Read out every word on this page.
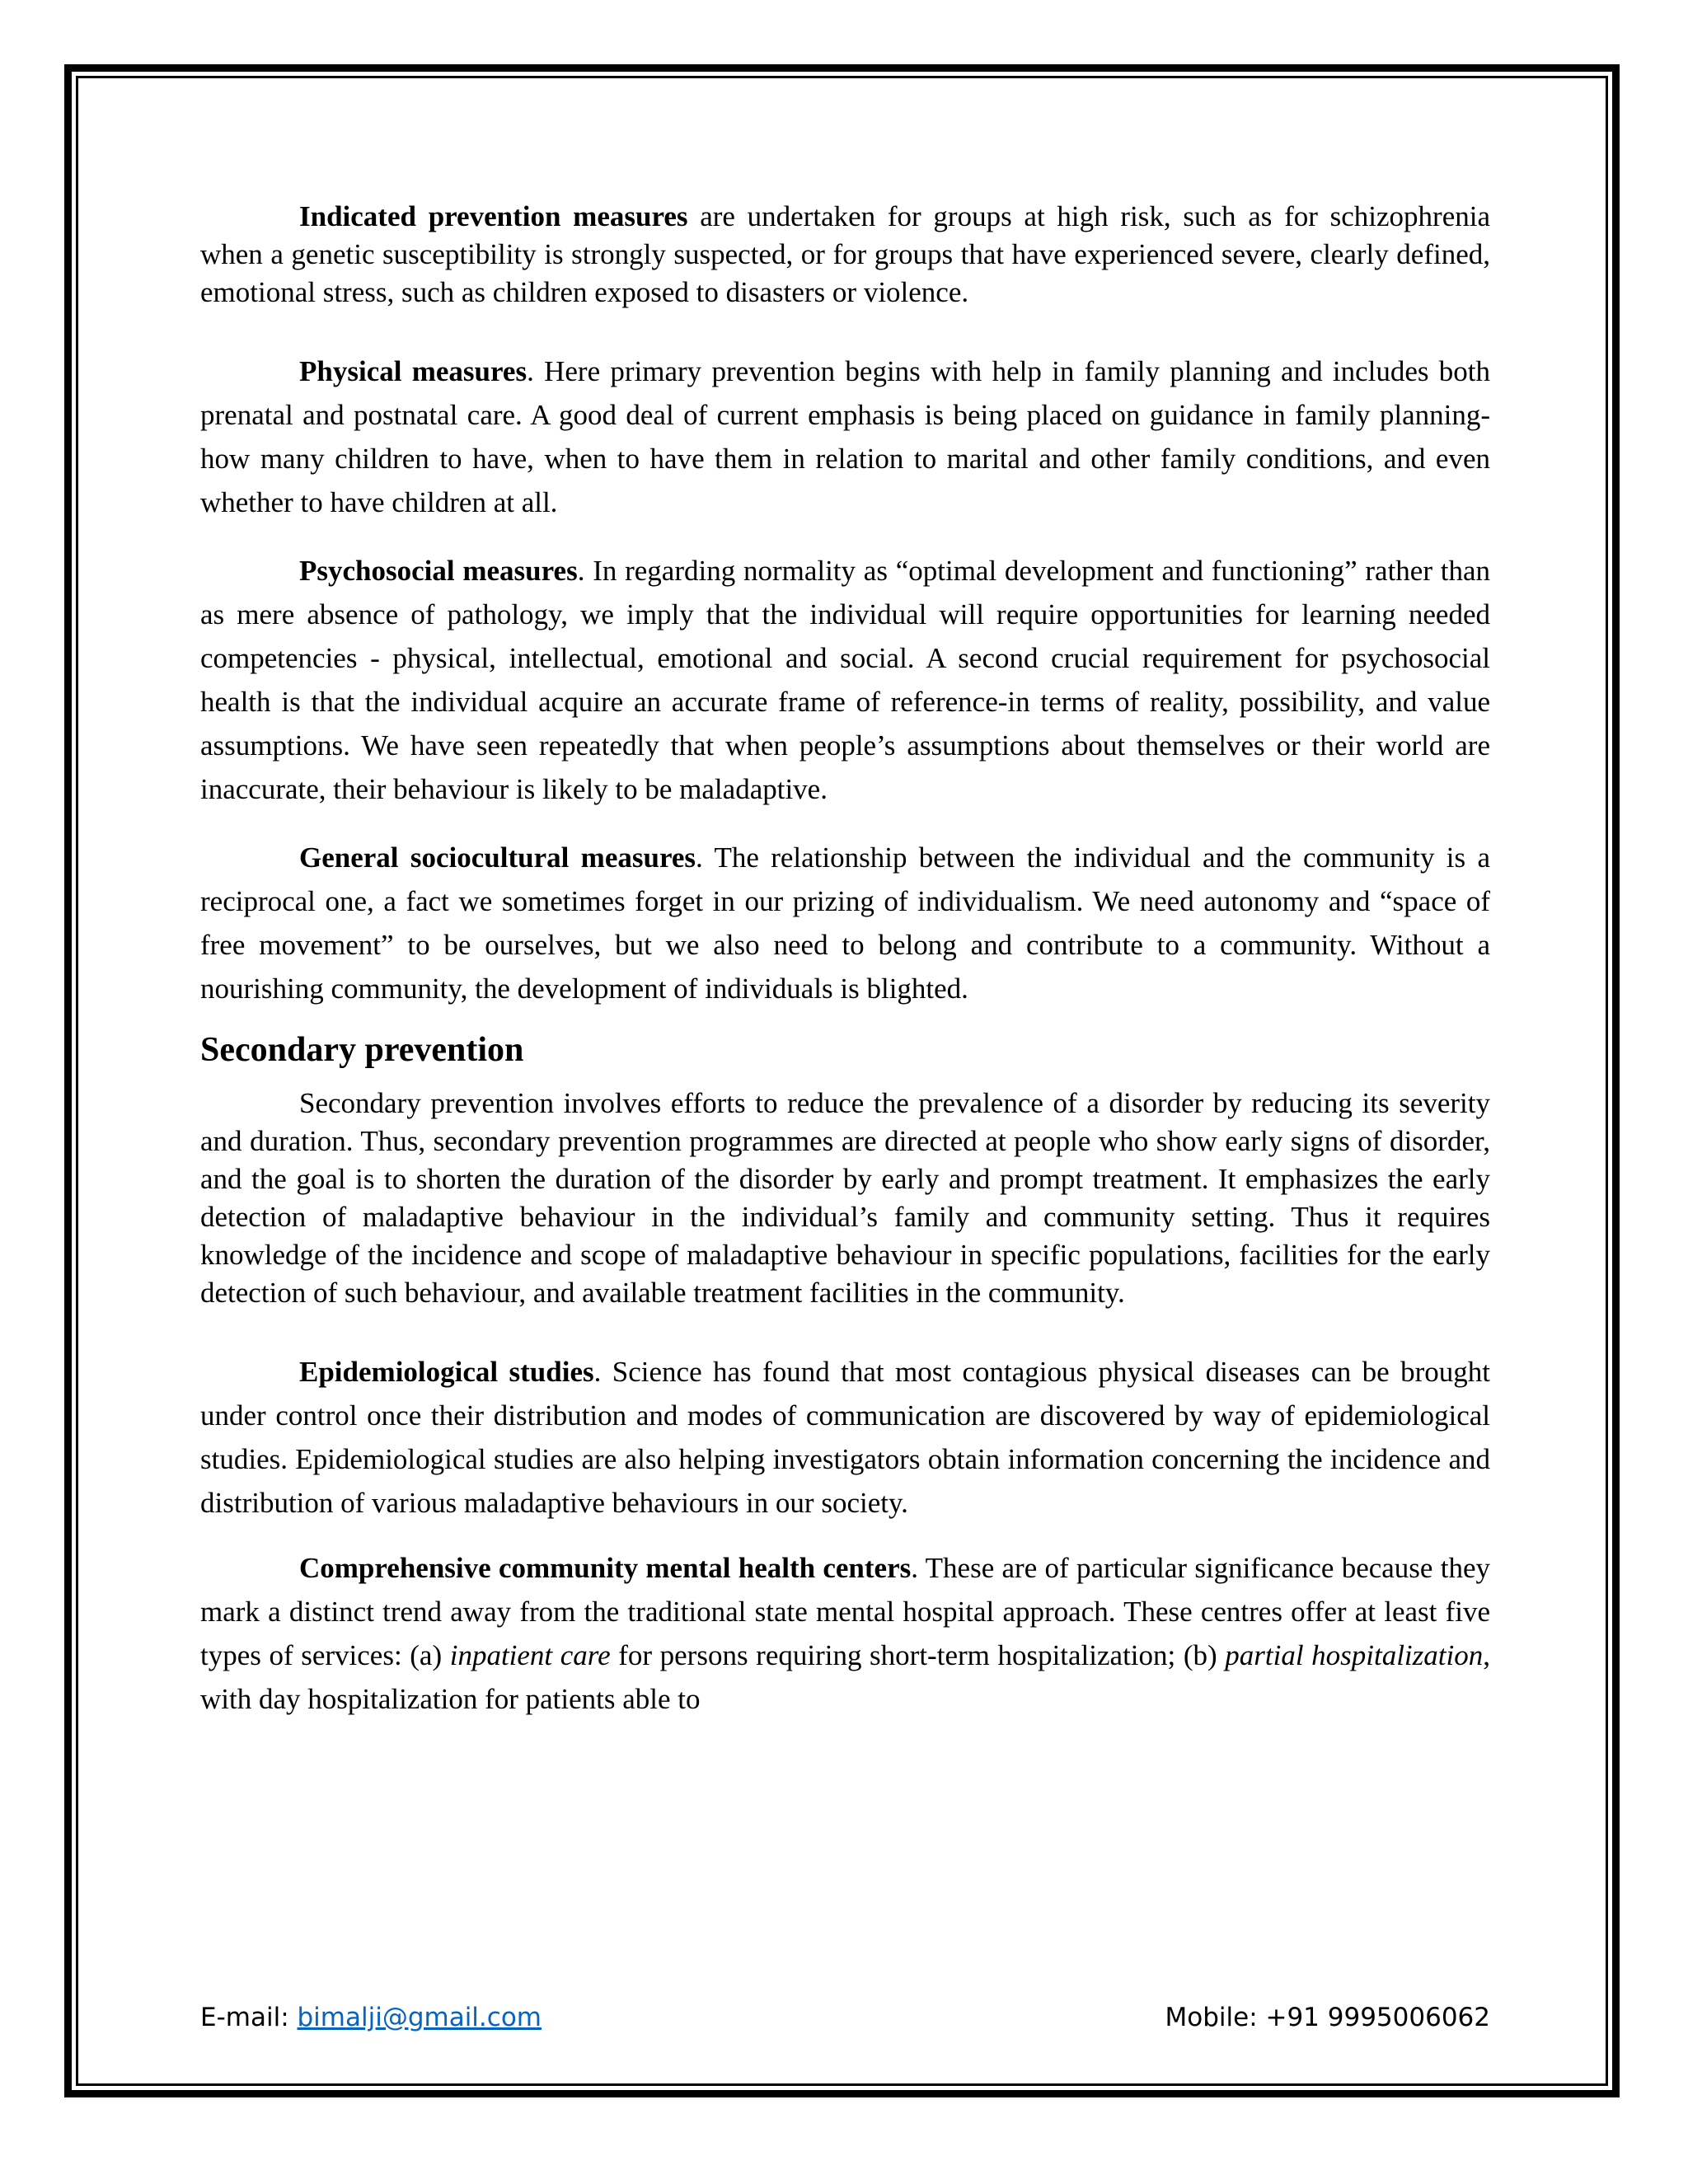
Indicated prevention measures are undertaken for groups at high risk, such as for schizophrenia when a genetic susceptibility is strongly suspected, or for groups that have experienced severe, clearly defined, emotional stress, such as children exposed to disasters or violence.

Physical measures. Here primary prevention begins with help in family planning and includes both prenatal and postnatal care. A good deal of current emphasis is being placed on guidance in family planning-how many children to have, when to have them in relation to marital and other family conditions, and even whether to have children at all.

Psychosocial measures. In regarding normality as “optimal development and functioning” rather than as mere absence of pathology, we imply that the individual will require opportunities for learning needed competencies - physical, intellectual, emotional and social. A second crucial requirement for psychosocial health is that the individual acquire an accurate frame of reference-in terms of reality, possibility, and value assumptions. We have seen repeatedly that when people’s assumptions about themselves or their world are inaccurate, their behaviour is likely to be maladaptive.

General sociocultural measures. The relationship between the individual and the community is a reciprocal one, a fact we sometimes forget in our prizing of individualism. We need autonomy and “space of free movement” to be ourselves, but we also need to belong and contribute to a community. Without a nourishing community, the development of individuals is blighted.

Secondary prevention

Secondary prevention involves efforts to reduce the prevalence of a disorder by reducing its severity and duration. Thus, secondary prevention programmes are directed at people who show early signs of disorder, and the goal is to shorten the duration of the disorder by early and prompt treatment. It emphasizes the early detection of maladaptive behaviour in the individual’s family and community setting. Thus it requires knowledge of the incidence and scope of maladaptive behaviour in specific populations, facilities for the early detection of such behaviour, and available treatment facilities in the community.

Epidemiological studies. Science has found that most contagious physical diseases can be brought under control once their distribution and modes of communication are discovered by way of epidemiological studies. Epidemiological studies are also helping investigators obtain information concerning the incidence and distribution of various maladaptive behaviours in our society.

Comprehensive community mental health centers. These are of particular significance because they mark a distinct trend away from the traditional state mental hospital approach. These centres offer at least five types of services: (a) inpatient care for persons requiring short-term hospitalization; (b) partial hospitalization, with day hospitalization for patients able to

E-mail: bimalji@gmail.com	Mobile: +91 9995006062
